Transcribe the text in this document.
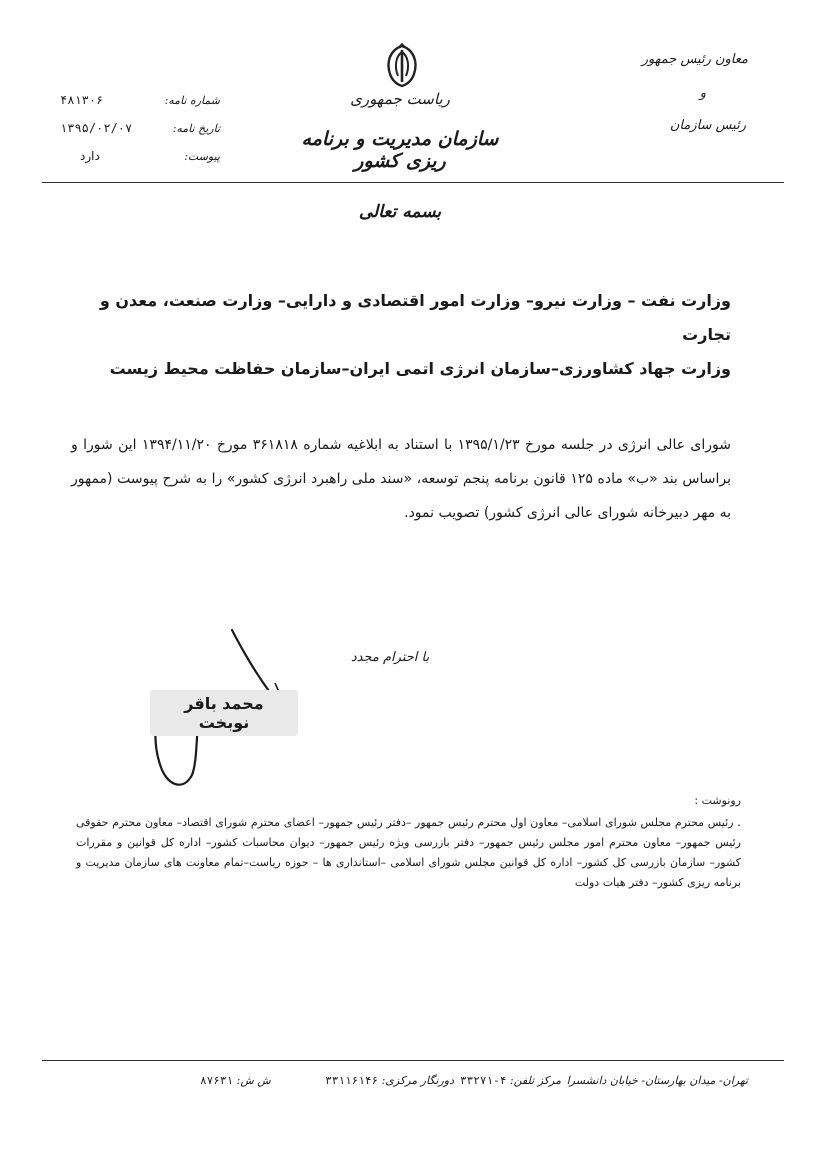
ریاست جمهوری
سازمان مدیریت و برنامه ریزی کشور
معاون رئیس جمهور
و
رئیس سازمان
شماره نامه:
۴۸۱۳۰۶
تاریخ نامه:
۱۳۹۵/۰۲/۰۷
پیوست:
دارد
بسمه تعالی
وزارت نفت – وزارت نیرو– وزارت امور اقتصادی و دارایی– وزارت صنعت، معدن و تجارت
وزارت جهاد کشاورزی–سازمان انرژی اتمی ایران–سازمان حفاظت محیط زیست
شورای عالی انرژی در جلسه مورخ ۱۳۹۵/۱/۲۳ با استناد به ابلاغیه شماره ۳۶۱۸۱۸ مورخ ۱۳۹۴/۱۱/۲۰ این شورا و براساس بند «ب» ماده ۱۲۵ قانون برنامه پنجم توسعه، «سند ملی راهبرد انرژی کشور» را به شرح پیوست (ممهور به مهر دبیرخانه شورای عالی انرژی کشور) تصویب نمود.
با احترام مجدد
محمد باقر نوبخت
رونوشت :
. رئیس محترم مجلس شورای اسلامی– معاون اول محترم رئیس جمهور –دفتر رئیس جمهور– اعضای محترم شورای اقتصاد– معاون محترم حقوقی رئیس جمهور– معاون محترم امور مجلس رئیس جمهور– دفتر بازرسی ویژه رئیس جمهور– دیوان محاسبات کشور– اداره کل قوانین و مقررات کشور– سازمان بازرسی کل کشور– اداره کل قوانین مجلس شورای اسلامی –استانداری ها – حوزه ریاست–تمام معاونت های سازمان مدیریت و برنامه ریزی کشور– دفتر هیات دولت
تهران- میدان بهارستان- خیابان دانشسرا
مرکز تلفن: ۴-۳۳۲۷۱
دورنگار مرکزی: ۳۳۱۱۶۱۴۶
ش ش: ۸۷۶۳۱
